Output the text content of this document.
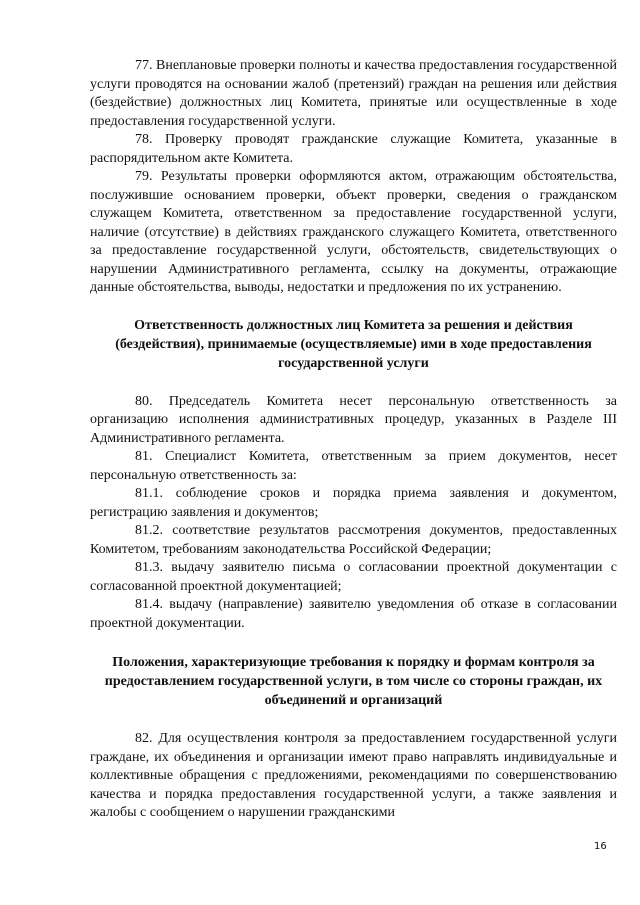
77. Внеплановые проверки полноты и качества предоставления государственной услуги проводятся на основании жалоб (претензий) граждан на решения или действия (бездействие) должностных лиц Комитета, принятые или осуществленные в ходе предоставления государственной услуги.

78. Проверку проводят гражданские служащие Комитета, указанные в распорядительном акте Комитета.

79. Результаты проверки оформляются актом, отражающим обстоятельства, послужившие основанием проверки, объект проверки, сведения о гражданском служащем Комитета, ответственном за предоставление государственной услуги, наличие (отсутствие) в действиях гражданского служащего Комитета, ответственного за предоставление государственной услуги, обстоятельств, свидетельствующих о нарушении Административного регламента, ссылку на документы, отражающие данные обстоятельства, выводы, недостатки и предложения по их устранению.

Ответственность должностных лиц Комитета за решения и действия (бездействия), принимаемые (осуществляемые) ими в ходе предоставления государственной услуги

80. Председатель Комитета несет персональную ответственность за организацию исполнения административных процедур, указанных в Разделе III Административного регламента.

81. Специалист Комитета, ответственным за прием документов, несет персональную ответственность за:

81.1. соблюдение сроков и порядка приема заявления и документом, регистрацию заявления и документов;

81.2. соответствие результатов рассмотрения документов, предоставленных Комитетом, требованиям законодательства Российской Федерации;

81.3. выдачу заявителю письма о согласовании проектной документации с согласованной проектной документацией;

81.4. выдачу (направление) заявителю уведомления об отказе в согласовании проектной документации.

Положения, характеризующие требования к порядку и формам контроля за предоставлением государственной услуги, в том числе со стороны граждан, их объединений и организаций

82. Для осуществления контроля за предоставлением государственной услуги граждане, их объединения и организации имеют право направлять индивидуальные и коллективные обращения с предложениями, рекомендациями по совершенствованию качества и порядка предоставления государственной услуги, а также заявления и жалобы с сообщением о нарушении гражданскими

16
